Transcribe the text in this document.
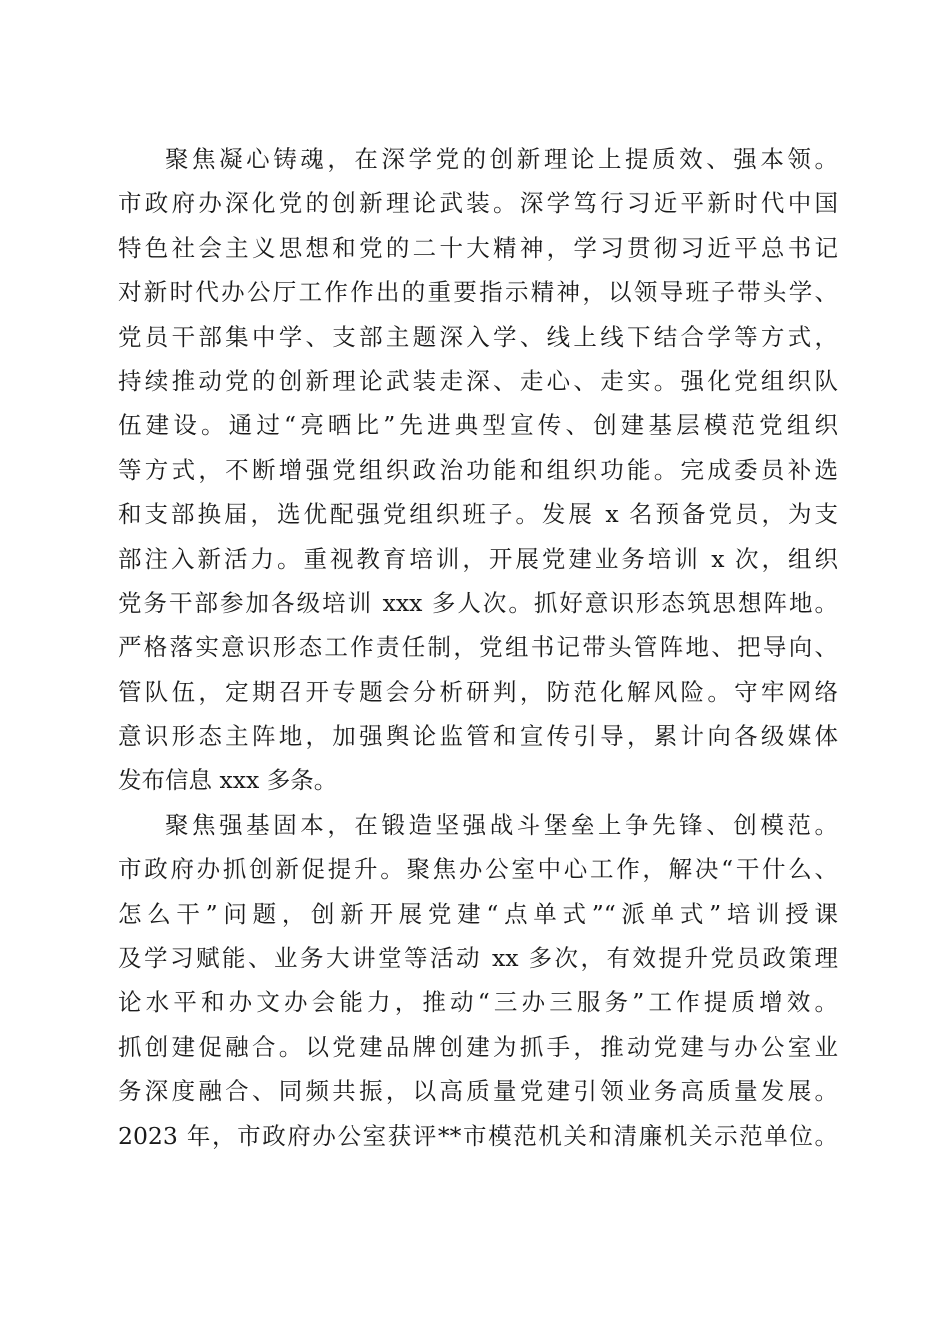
聚焦凝心铸魂，在深学党的创新理论上提质效、强本领。
市政府办深化党的创新理论武装。深学笃行习近平新时代中国
特色社会主义思想和党的二十大精神，学习贯彻习近平总书记
对新时代办公厅工作作出的重要指示精神，以领导班子带头学、
党员干部集中学、支部主题深入学、线上线下结合学等方式，
持续推动党的创新理论武装走深、走心、走实。强化党组织队
伍建设。通过“亮晒比”先进典型宣传、创建基层模范党组织
等方式，不断增强党组织政治功能和组织功能。完成委员补选
和支部换届，选优配强党组织班子。发展 x 名预备党员，为支
部注入新活力。重视教育培训，开展党建业务培训 x 次，组织
党务干部参加各级培训 xxx 多人次。抓好意识形态筑思想阵地。
严格落实意识形态工作责任制，党组书记带头管阵地、把导向、
管队伍，定期召开专题会分析研判，防范化解风险。守牢网络
意识形态主阵地，加强舆论监管和宣传引导，累计向各级媒体
发布信息 xxx 多条。
聚焦强基固本，在锻造坚强战斗堡垒上争先锋、创模范。
市政府办抓创新促提升。聚焦办公室中心工作，解决“干什么、
怎么干”问题，创新开展党建“点单式”“派单式”培训授课
及学习赋能、业务大讲堂等活动 xx 多次，有效提升党员政策理
论水平和办文办会能力，推动“三办三服务”工作提质增效。
抓创建促融合。以党建品牌创建为抓手，推动党建与办公室业
务深度融合、同频共振，以高质量党建引领业务高质量发展。
2023 年，市政府办公室获评**市模范机关和清廉机关示范单位。
